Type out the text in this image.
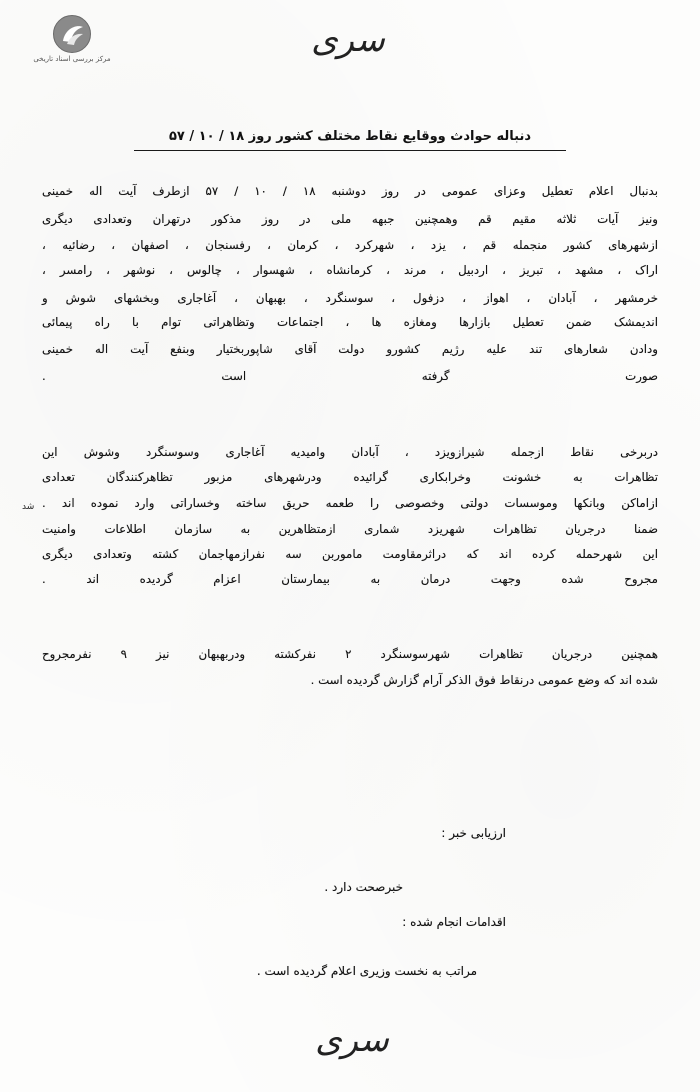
مرکز بررسی اسناد تاریخی	سری
دنباله حوادث ووقایع نقاط مختلف کشور روز ۱۸ / ۱۰ / ۵۷
بدنبال اعلام تعطیل وعزای عمومی در روز دوشنبه ۱۸ / ۱۰ / ۵۷ ازطرف آیت اله خمینی
ونیز آیات ثلاثه مقیم قم وهمچنین جبهه ملی در روز مذکور درتهران وتعدادی دیگری
ازشهرهای کشور منجمله قم ، یزد ، شهرکرد ، کرمان ، رفسنجان ، اصفهان ، رضائیه ،
اراک ، مشهد ، تبریز ، اردبیل ، مرند ، کرمانشاه ، شهسوار ، چالوس ، نوشهر ، رامسر ،
خرمشهر ، آبادان ، اهواز ، دزفول ، سوسنگرد ، بهبهان ، آغاجاری وبخشهای شوش و
اندیمشک ضمن تعطیل بازارها ومغازه ها ، اجتماعات وتظاهراتی توام با راه پیمائی
ودادن شعارهای تند علیه رژیم کشورو دولت آقای شاپوربختیار وبنفع آیت اله خمینی
صورت گرفته است .
دربرخی نقاط ازجمله شیرازویزد ، آبادان وامیدیه آغاجاری وسوسنگرد وشوش این
تظاهرات به خشونت وخرابکاری گرائیده ودرشهرهای مزبور تظاهرکنندگان تعدادی
شد ازاماکن وبانکها وموسسات دولتی وخصوصی را طعمه حریق ساخته وخساراتی وارد نموده اند .
ضمنا درجریان تظاهرات شهریزد شماری ازمتظاهرین به سازمان اطلاعات وامنیت
این شهرحمله کرده اند که دراثرمقاومت ماموربن سه نفرازمهاجمان کشته وتعدادی دیگری
مجروح شده وجهت درمان به بیمارستان اعزام گردیده اند .
همچنین درجریان تظاهرات شهرسوسنگرد ۲ نفرکشته ودربهبهان نیز ۹ نفرمجروح
شده اند که وضع عمومی درنقاط فوق الذکر آرام گزارش گردیده است .
ارزیابی خبر :
خبرصحت دارد .
اقدامات انجام شده :
مراتب به نخست وزیری اعلام گردیده است .
سری
